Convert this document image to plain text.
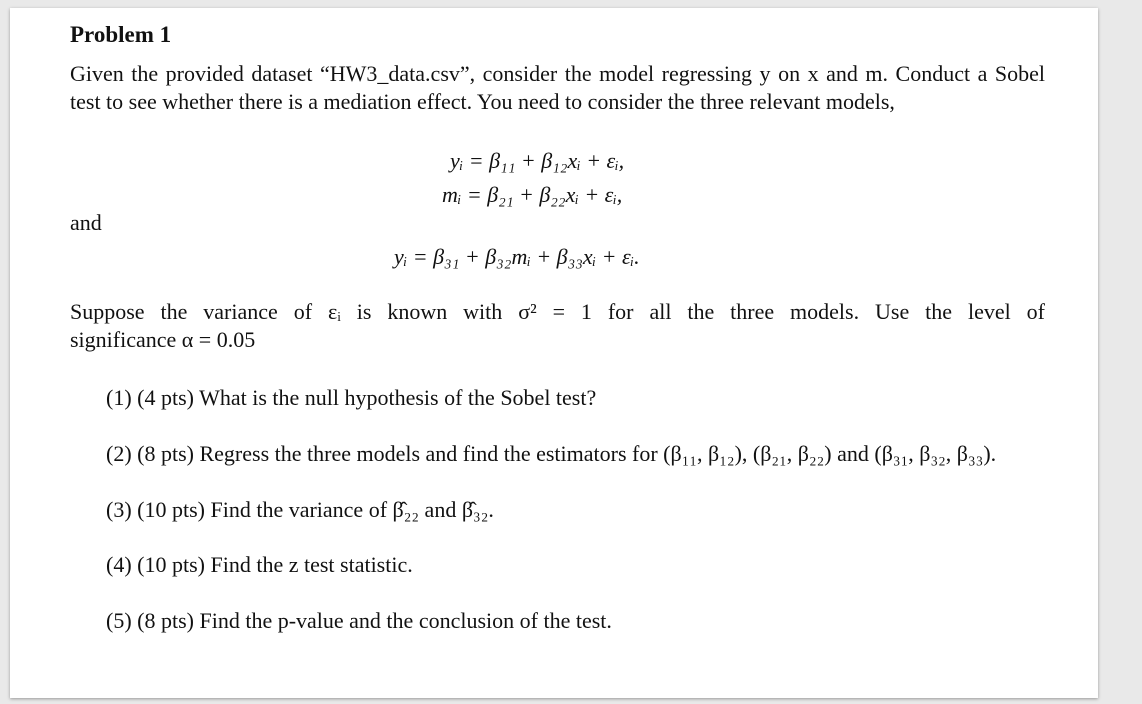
Problem 1
Given the provided dataset “HW3_data.csv”, consider the model regressing y on x and m. Conduct a Sobel test to see whether there is a mediation effect. You need to consider the three relevant models,
yᵢ = β₁₁ + β₁₂xᵢ + εᵢ,
mᵢ = β₂₁ + β₂₂xᵢ + εᵢ,
and
yᵢ = β₃₁ + β₃₂mᵢ + β₃₃xᵢ + εᵢ.
Suppose the variance of εᵢ is known with σ² = 1 for all the three models. Use the level of
significance α = 0.05
(1) (4 pts) What is the null hypothesis of the Sobel test?
(2) (8 pts) Regress the three models and find the estimators for (β₁₁, β₁₂), (β₂₁, β₂₂) and (β₃₁, β₃₂, β₃₃).
(3) (10 pts) Find the variance of β̂₂₂ and β̂₃₂.
(4) (10 pts) Find the z test statistic.
(5) (8 pts) Find the p-value and the conclusion of the test.
